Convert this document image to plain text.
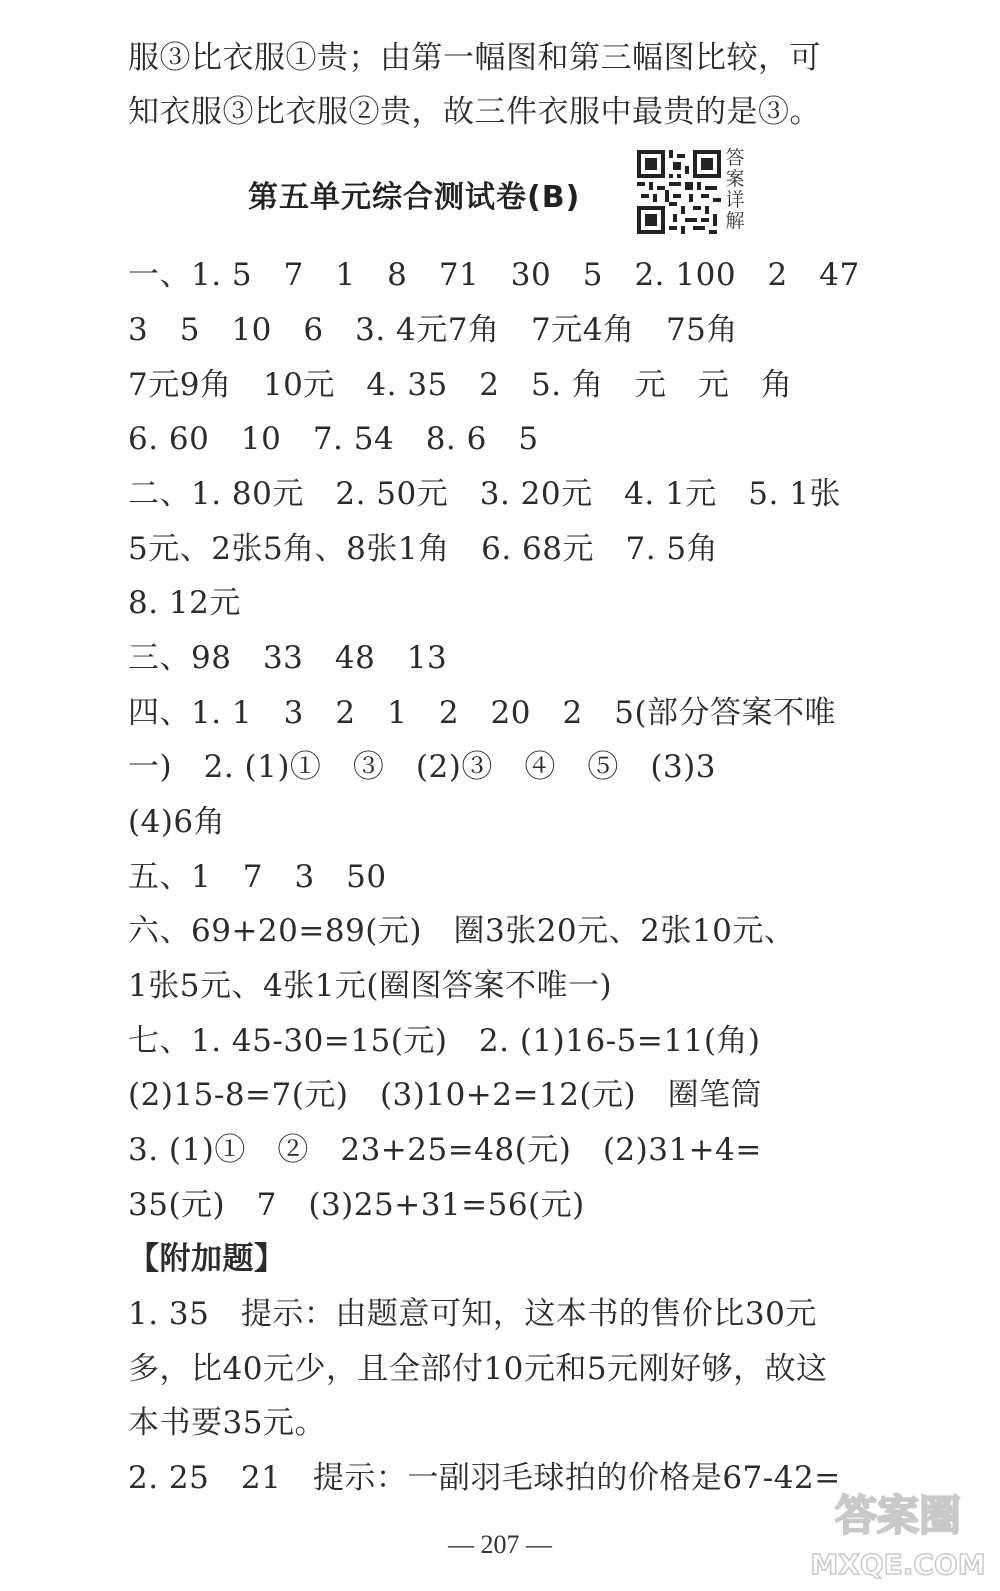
服③比衣服①贵；由第一幅图和第三幅图比较，可
知衣服③比衣服②贵，故三件衣服中最贵的是③。
第五单元综合测试卷(B)
答案详解
一、1. 5　7　1　8　71　30　5　2. 100　2　47
3　5　10　6　3. 4元7角　7元4角　75角
7元9角　10元　4. 35　2　5. 角　元　元　角
6. 60　10　7. 54　8. 6　5
二、1. 80元　2. 50元　3. 20元　4. 1元　5. 1张
5元、2张5角、8张1角　6. 68元　7. 5角
8. 12元
三、98　33　48　13
四、1. 1　3　2　1　2　20　2　5(部分答案不唯
一)　2. (1)①　③　(2)③　④　⑤　(3)3
(4)6角
五、1　7　3　50
六、69+20=89(元)　圈3张20元、2张10元、
1张5元、4张1元(圈图答案不唯一)
七、1. 45-30=15(元)　2. (1)16-5=11(角)
(2)15-8=7(元)　(3)10+2=12(元)　圈笔筒
3. (1)①　②　23+25=48(元)　(2)31+4=
35(元)　7　(3)25+31=56(元)
【附加题】
1. 35　提示：由题意可知，这本书的售价比30元
多，比40元少，且全部付10元和5元刚好够，故这
本书要35元。
2. 25　21　提示：一副羽毛球拍的价格是67-42=
— 207 —
答案圈
MXQE.COM
